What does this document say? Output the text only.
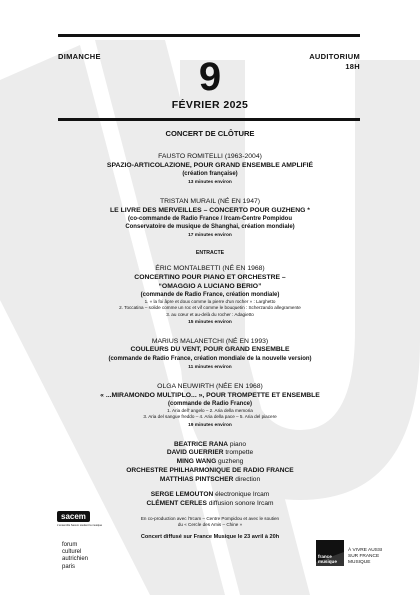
DIMANCHE	AUDITORIUM
18H
9
FÉVRIER 2025
CONCERT DE CLÔTURE
FAUSTO ROMITELLI (1963-2004)
SPAZIO-ARTICOLAZIONE, POUR GRAND ENSEMBLE AMPLIFIÉ
(création française)
13 minutes environ
TRISTAN MURAIL (NÉ EN 1947)
LE LIVRE DES MERVEILLES – CONCERTO POUR GUZHENG *
(co-commande de Radio France / Ircam-Centre Pompidou
Conservatoire de musique de Shanghai, création mondiale)
17 minutes environ
ENTRACTE
ÉRIC MONTALBETTI (NÉ EN 1968)
CONCERTINO POUR PIANO ET ORCHESTRE –
“OMAGGIO A LUCIANO BERIO”
(commande de Radio France, création mondiale)
1. « la foi âpre et doux comme la pierre d'un rocher » : Larghetto
2. Toccatina – solide comme un roc et vif comme le bouquetin : Scherzando allegramente
3. au cœur et au-delà du rocher : Adagietto
15 minutes environ
MARIUS MALANETCHI (NÉ EN 1993)
COULEURS DU VENT, POUR GRAND ENSEMBLE
(commande de Radio France, création mondiale de la nouvelle version)
11 minutes environ
OLGA NEUWIRTH (NÉE EN 1968)
« ...MIRAMONDO MULTIPLO... », POUR TROMPETTE ET ENSEMBLE
(commande de Radio France)
1. Aria dell' angelo – 2. Aria della memoria
3. Aria del sangue freddo – 4. Aria della pace – 5. Aria del piacere
19 minutes environ
BEATRICE RANA piano
DAVID GUERRIER trompette
MING WANG guzheng
ORCHESTRE PHILHARMONIQUE DE RADIO FRANCE
MATTHIAS PINTSCHER direction
SERGE LEMOUTON électronique Ircam
CLÉMENT CERLES diffusion sonore Ircam
En co-production avec l'Ircam – Centre Pompidou et avec le soutien
du « Cercle des Amis – Chine »
Concert diffusé sur France Musique le 23 avril à 20h
sacem
L'ensemble Sacem soutient la musique
forum
culturel
autrichien
paris
france musique
À VIVRE AUSSI
SUR FRANCE
MUSIQUE
